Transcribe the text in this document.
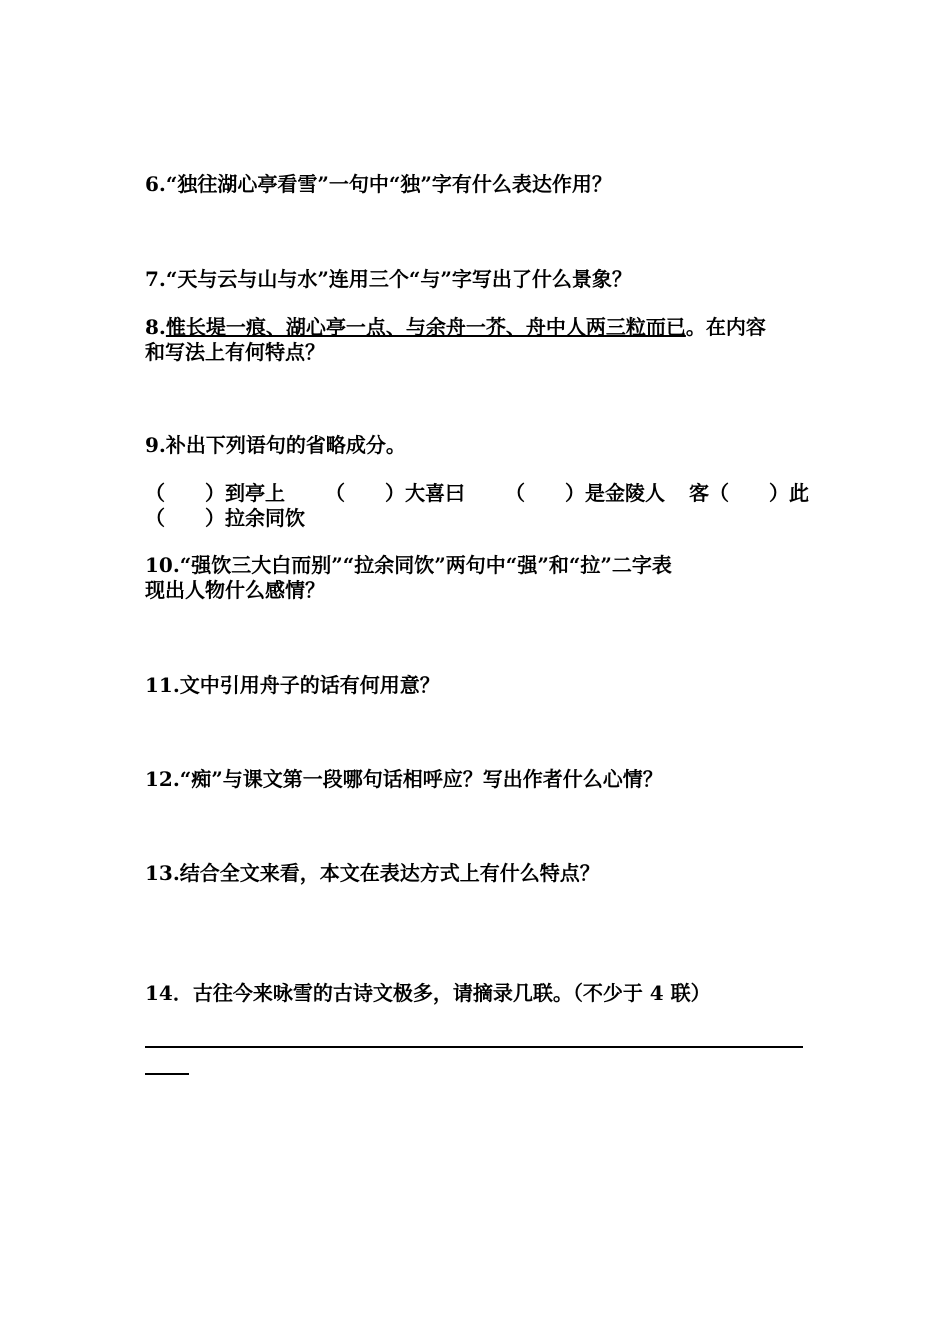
6.“独往湖心亭看雪”一句中“独”字有什么表达作用？
7.“天与云与山与水”连用三个“与”字写出了什么景象？
8.惟长堤一痕、湖心亭一点、与余舟一芥、舟中人两三粒而已。在内容
和写法上有何特点？
9.补出下列语句的省略成分。
（　　）到亭上 （　　）大喜曰 （　　）是金陵人 客（　　）此
（　　）拉余同饮
10.“强饮三大白而别”“拉余同饮”两句中“强”和“拉”二字表
现出人物什么感情？
11.文中引用舟子的话有何用意？
12.“痴”与课文第一段哪句话相呼应？写出作者什么心情？
13.结合全文来看，本文在表达方式上有什么特点？
14．古往今来咏雪的古诗文极多，请摘录几联。（不少于 4 联）
